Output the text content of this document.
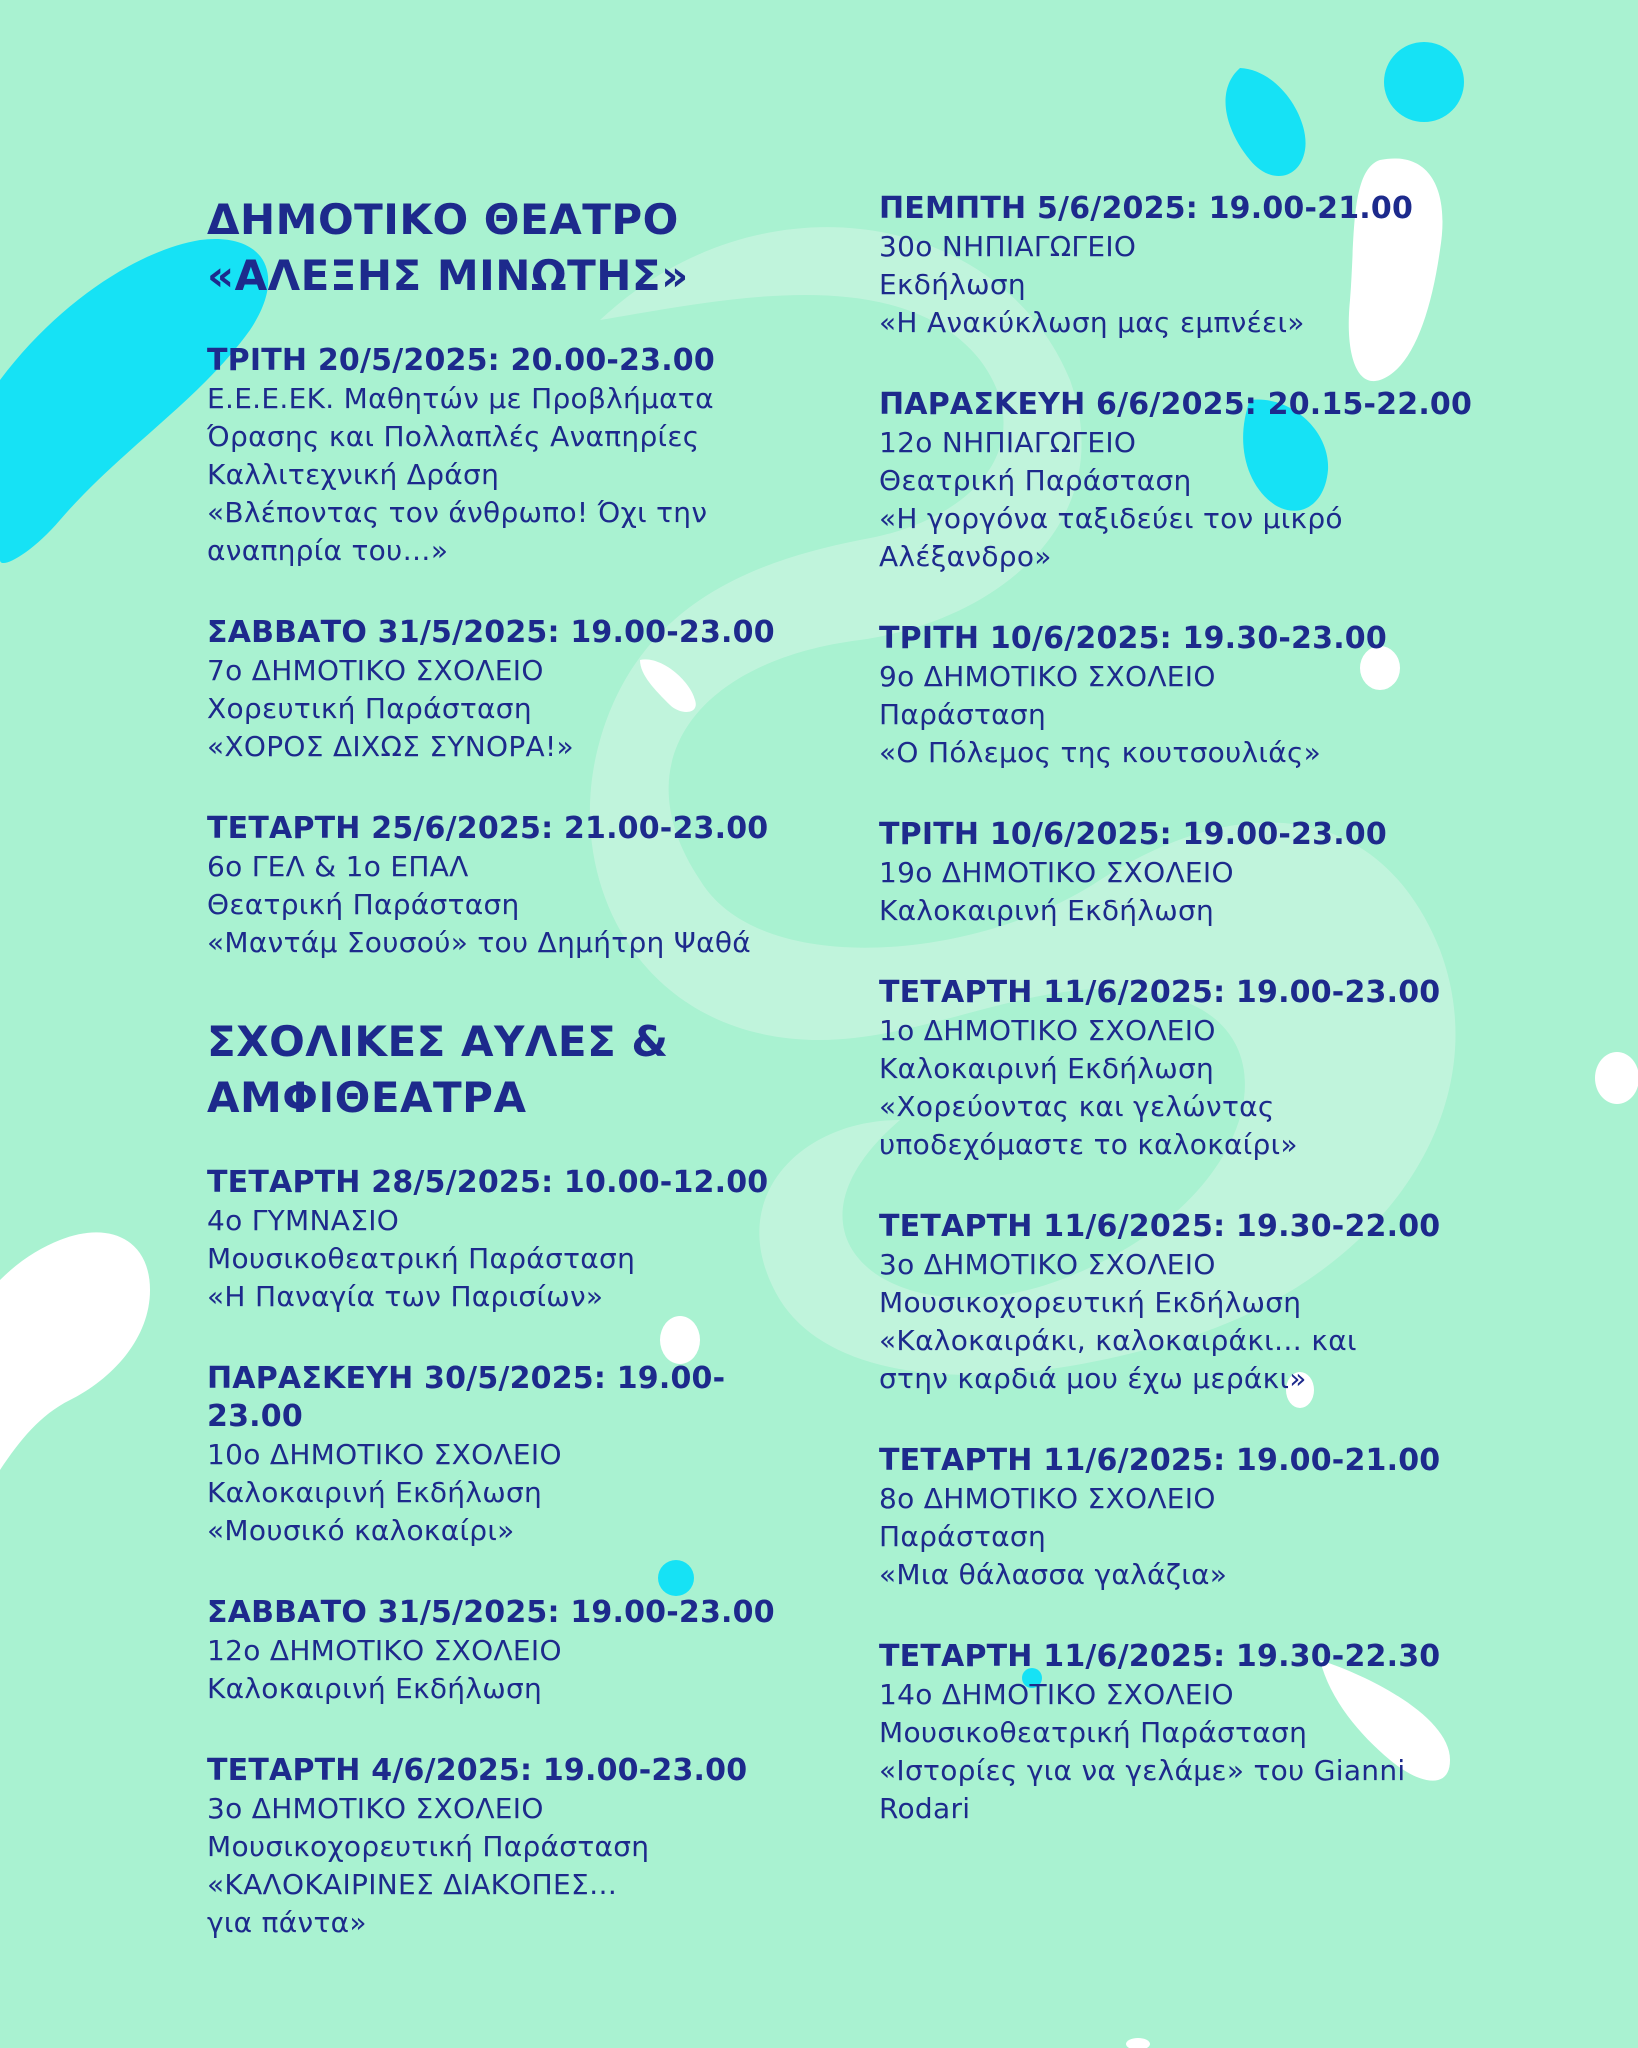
ΔΗΜΟΤΙΚΟ ΘΕΑΤΡΟ
«ΑΛΕΞΗΣ ΜΙΝΩΤΗΣ»
ΤΡΙΤΗ 20/5/2025: 20.00-23.00
Ε.Ε.Ε.ΕΚ. Μαθητών με Προβλήματα
Όρασης και Πολλαπλές Αναπηρίες
Καλλιτεχνική Δράση
«Βλέποντας τον άνθρωπο! Όχι την
αναπηρία του…»
ΣΑΒΒΑΤΟ 31/5/2025: 19.00-23.00
7ο ΔΗΜΟΤΙΚΟ ΣΧΟΛΕΙΟ
Χορευτική Παράσταση
«ΧΟΡΟΣ ΔΙΧΩΣ ΣΥΝΟΡΑ!»
ΤΕΤΑΡΤΗ 25/6/2025: 21.00-23.00
6ο ΓΕΛ & 1ο ΕΠΑΛ
Θεατρική Παράσταση
«Μαντάμ Σουσού» του Δημήτρη Ψαθά
ΣΧΟΛΙΚΕΣ ΑΥΛΕΣ &
ΑΜΦΙΘΕΑΤΡΑ
ΤΕΤΑΡΤΗ 28/5/2025: 10.00-12.00
4ο ΓΥΜΝΑΣΙΟ
Μουσικοθεατρική Παράσταση
«Η Παναγία των Παρισίων»
ΠΑΡΑΣΚΕΥΗ 30/5/2025: 19.00-23.00
10ο ΔΗΜΟΤΙΚΟ ΣΧΟΛΕΙΟ
Καλοκαιρινή Εκδήλωση
«Μουσικό καλοκαίρι»
ΣΑΒΒΑΤΟ 31/5/2025: 19.00-23.00
12ο ΔΗΜΟΤΙΚΟ ΣΧΟΛΕΙΟ
Καλοκαιρινή Εκδήλωση
ΤΕΤΑΡΤΗ 4/6/2025: 19.00-23.00
3ο ΔΗΜΟΤΙΚΟ ΣΧΟΛΕΙΟ
Μουσικοχορευτική Παράσταση
«ΚΑΛΟΚΑΙΡΙΝΕΣ ΔΙΑΚΟΠΕΣ…
για πάντα»
ΠΕΜΠΤΗ 5/6/2025: 19.00-21.00
30ο ΝΗΠΙΑΓΩΓΕΙΟ
Εκδήλωση
«Η Ανακύκλωση μας εμπνέει»
ΠΑΡΑΣΚΕΥΗ 6/6/2025: 20.15-22.00
12ο ΝΗΠΙΑΓΩΓΕΙΟ
Θεατρική Παράσταση
«Η γοργόνα ταξιδεύει τον μικρό
Αλέξανδρο»
ΤΡΙΤΗ 10/6/2025: 19.30-23.00
9ο ΔΗΜΟΤΙΚΟ ΣΧΟΛΕΙΟ
Παράσταση
«Ο Πόλεμος της κουτσουλιάς»
ΤΡΙΤΗ 10/6/2025: 19.00-23.00
19ο ΔΗΜΟΤΙΚΟ ΣΧΟΛΕΙΟ
Καλοκαιρινή Εκδήλωση
ΤΕΤΑΡΤΗ 11/6/2025: 19.00-23.00
1ο ΔΗΜΟΤΙΚΟ ΣΧΟΛΕΙΟ
Καλοκαιρινή Εκδήλωση
«Χορεύοντας και γελώντας
υποδεχόμαστε το καλοκαίρι»
ΤΕΤΑΡΤΗ 11/6/2025: 19.30-22.00
3ο ΔΗΜΟΤΙΚΟ ΣΧΟΛΕΙΟ
Μουσικοχορευτική Εκδήλωση
«Καλοκαιράκι, καλοκαιράκι… και
στην καρδιά μου έχω μεράκι»
ΤΕΤΑΡΤΗ 11/6/2025: 19.00-21.00
8ο ΔΗΜΟΤΙΚΟ ΣΧΟΛΕΙΟ
Παράσταση
«Μια θάλασσα γαλάζια»
ΤΕΤΑΡΤΗ 11/6/2025: 19.30-22.30
14ο ΔΗΜΟΤΙΚΟ ΣΧΟΛΕΙΟ
Μουσικοθεατρική Παράσταση
«Ιστορίες για να γελάμε» του Gianni
Rodari
